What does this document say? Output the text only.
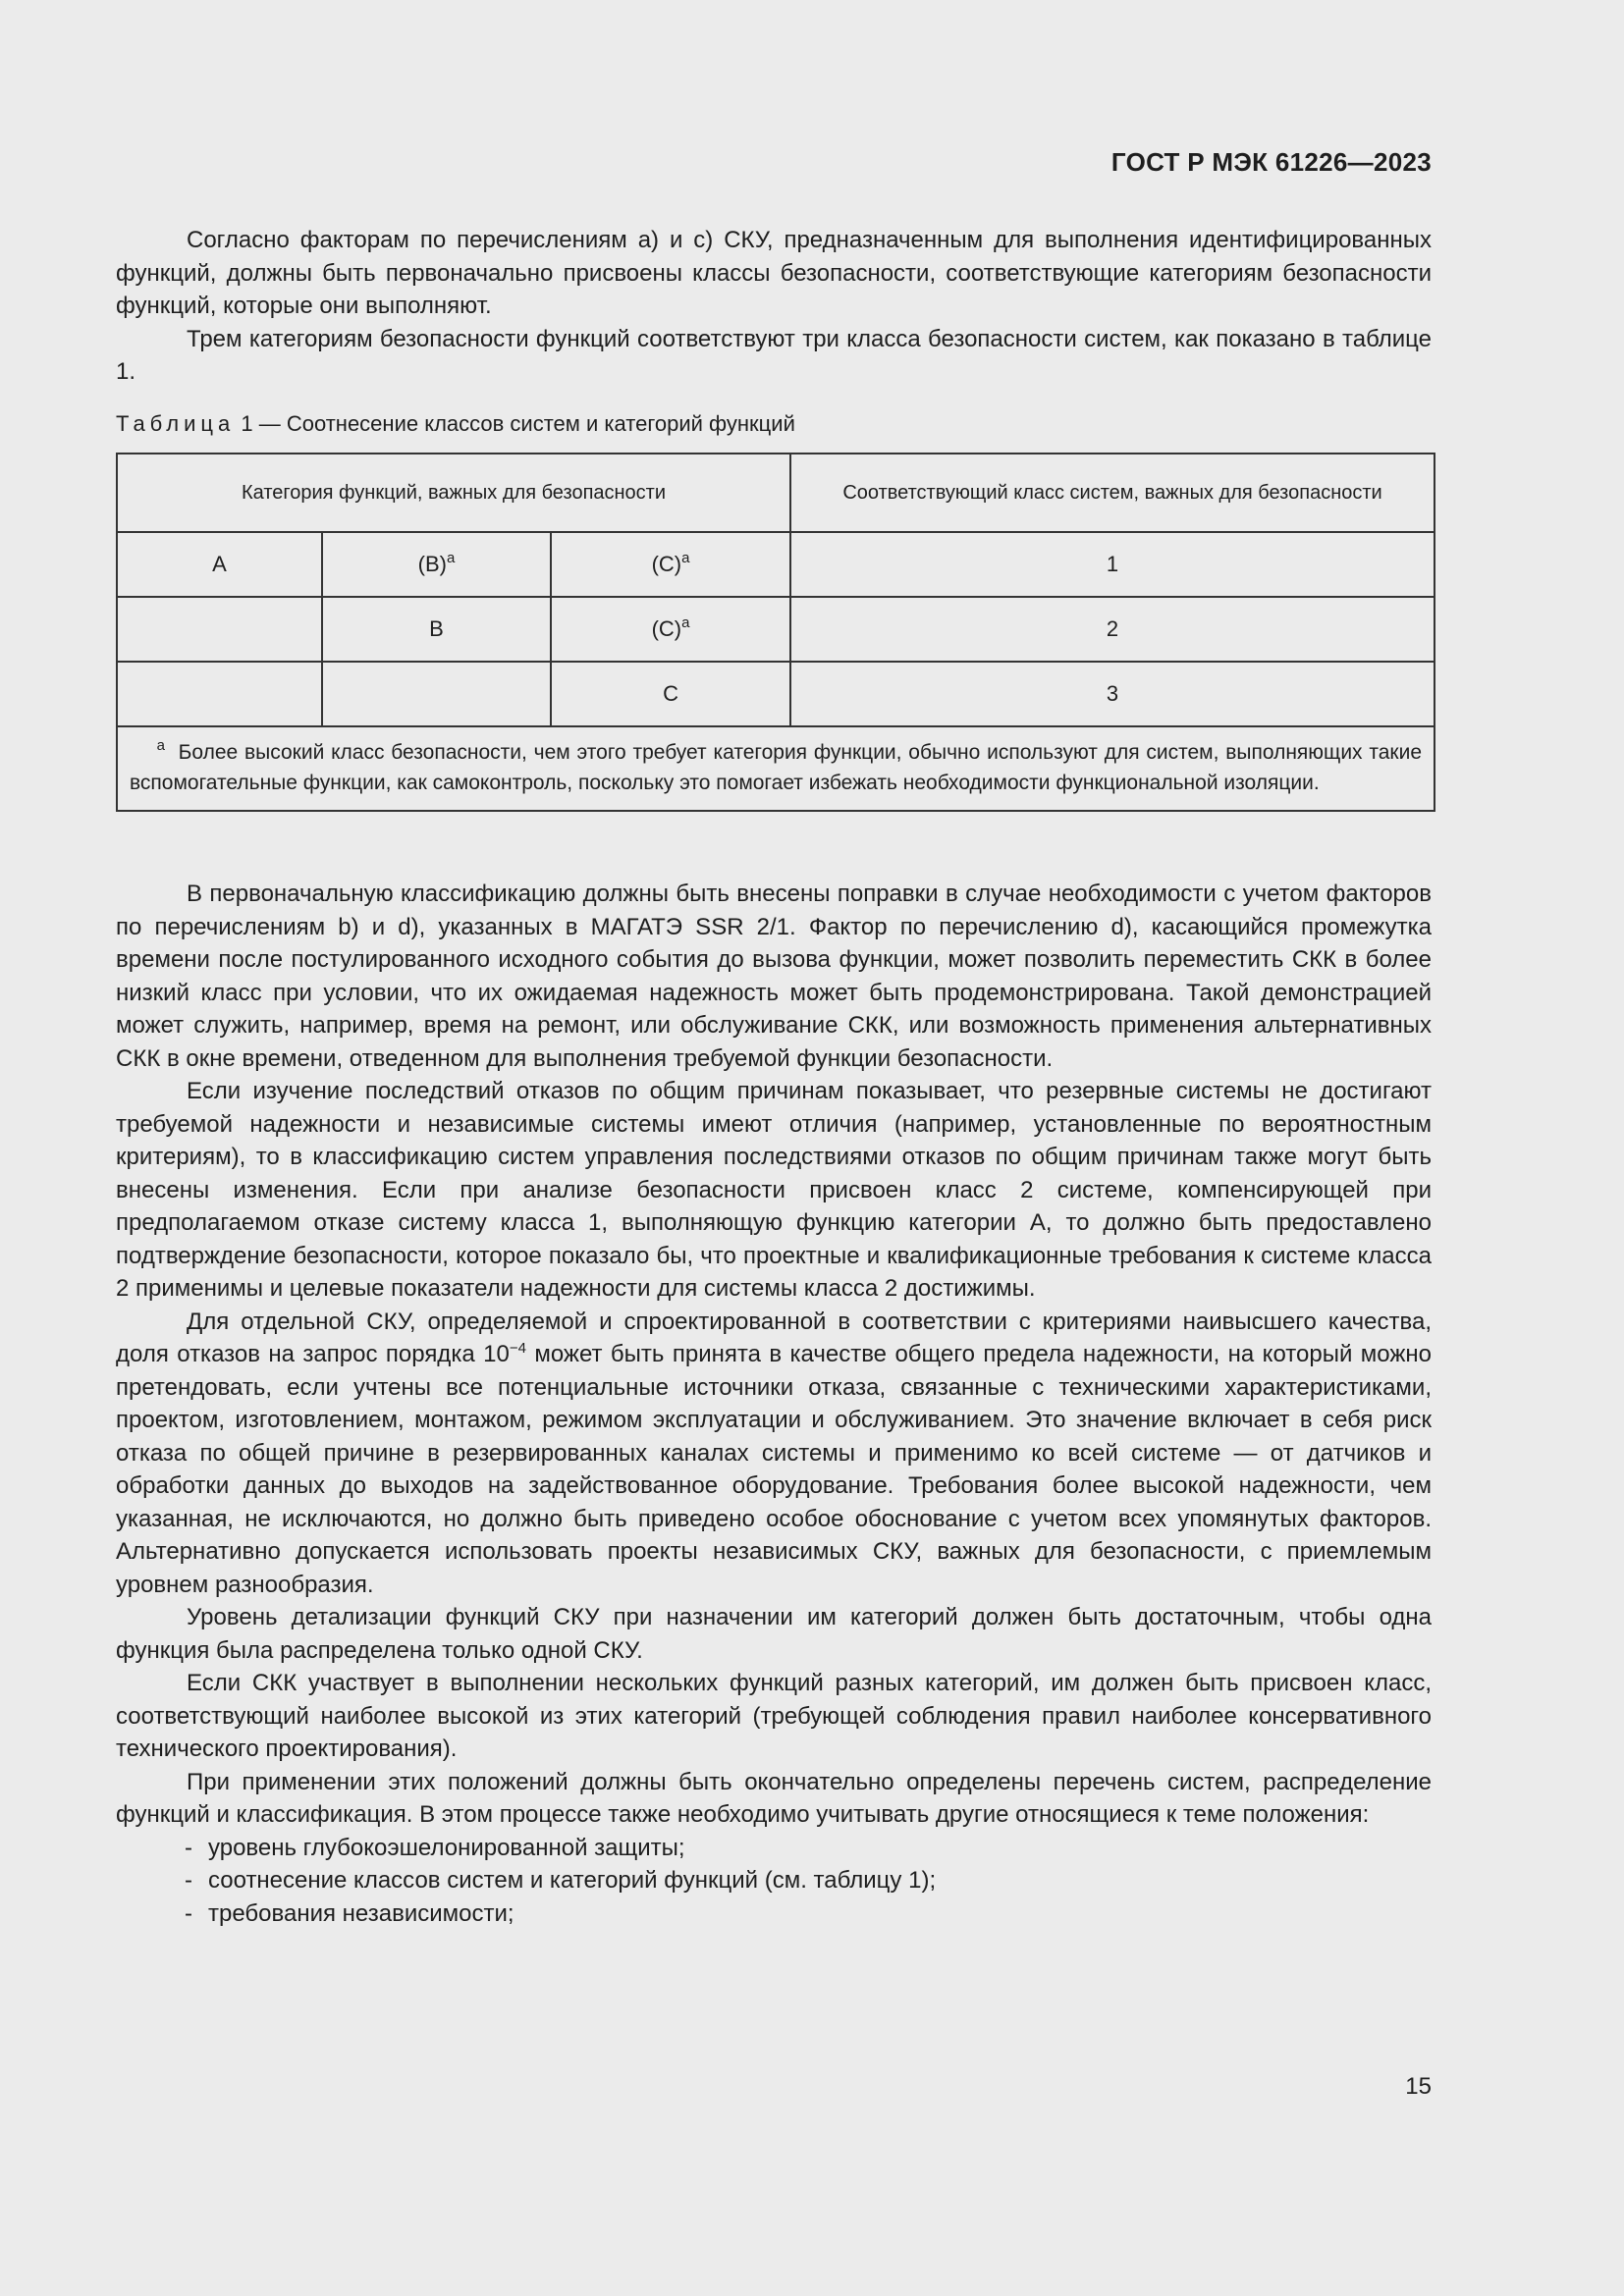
ГОСТ Р МЭК 61226—2023

Согласно факторам по перечислениям a) и c) СКУ, предназначенным для выполнения идентифицированных функций, должны быть первоначально присвоены классы безопасности, соответствующие категориям безопасности функций, которые они выполняют.

Трем категориям безопасности функций соответствуют три класса безопасности систем, как показано в таблице 1.

Таблица 1 — Соотнесение классов систем и категорий функций
Категория функций, важных для безопасности			Соответствующий класс систем, важных для безопасности
А	$(В)^a$	$(С)^a$	1
	В	$(С)^a$	2
		С	3
$^a$ Более высокий класс безопасности, чем этого требует категория функции, обычно используют для систем, выполняющих такие вспомогательные функции, как самоконтроль, поскольку это помогает избежать необходимости функциональной изоляции.			

В первоначальную классификацию должны быть внесены поправки в случае необходимости с учетом факторов по перечислениям b) и d), указанных в МАГАТЭ SSR 2/1. Фактор по перечислению d), касающийся промежутка времени после постулированного исходного события до вызова функции, может позволить переместить СКК в более низкий класс при условии, что их ожидаемая надежность может быть продемонстрирована. Такой демонстрацией может служить, например, время на ремонт, или обслуживание СКК, или возможность применения альтернативных СКК в окне времени, отведенном для выполнения требуемой функции безопасности.

Если изучение последствий отказов по общим причинам показывает, что резервные системы не достигают требуемой надежности и независимые системы имеют отличия (например, установленные по вероятностным критериям), то в классификацию систем управления последствиями отказов по общим причинам также могут быть внесены изменения. Если при анализе безопасности присвоен класс 2 системе, компенсирующей при предполагаемом отказе систему класса 1, выполняющую функцию категории А, то должно быть предоставлено подтверждение безопасности, которое показало бы, что проектные и квалификационные требования к системе класса 2 применимы и целевые показатели надежности для системы класса 2 достижимы.

Для отдельной СКУ, определяемой и спроектированной в соответствии с критериями наивысшего качества, доля отказов на запрос порядка $10^{-4}$ может быть принята в качестве общего предела надежности, на который можно претендовать, если учтены все потенциальные источники отказа, связанные с техническими характеристиками, проектом, изготовлением, монтажом, режимом эксплуатации и обслуживанием. Это значение включает в себя риск отказа по общей причине в резервированных каналах системы и применимо ко всей системе — от датчиков и обработки данных до выходов на задействованное оборудование. Требования более высокой надежности, чем указанная, не исключаются, но должно быть приведено особое обоснование с учетом всех упомянутых факторов. Альтернативно допускается использовать проекты независимых СКУ, важных для безопасности, с приемлемым уровнем разнообразия.

Уровень детализации функций СКУ при назначении им категорий должен быть достаточным, чтобы одна функция была распределена только одной СКУ.

Если СКК участвует в выполнении нескольких функций разных категорий, им должен быть присвоен класс, соответствующий наиболее высокой из этих категорий (требующей соблюдения правил наиболее консервативного технического проектирования).

При применении этих положений должны быть окончательно определены перечень систем, распределение функций и классификация. В этом процессе также необходимо учитывать другие относящиеся к теме положения:

- уровень глубокоэшелонированной защиты;
- соотнесение классов систем и категорий функций (см. таблицу 1);
- требования независимости;
15
